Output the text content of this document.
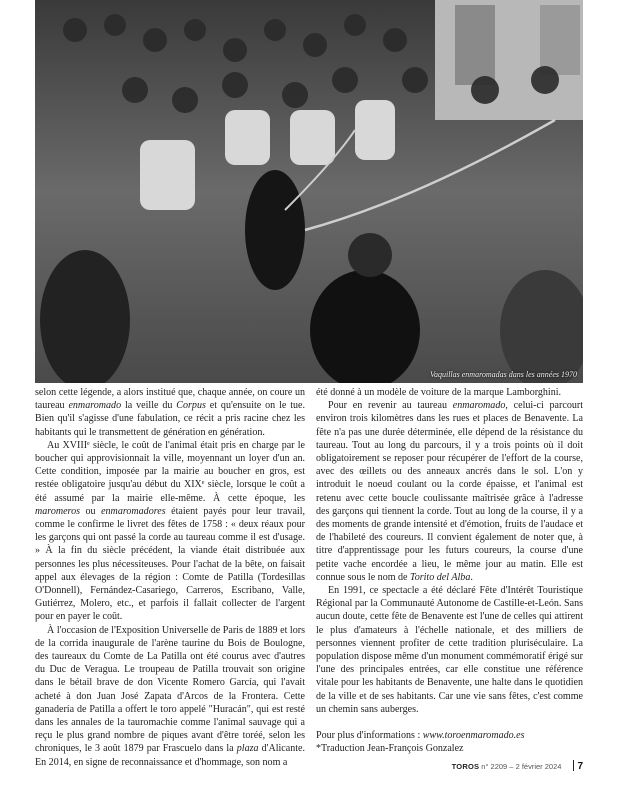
Vaquillas enmaromadas dans les années 1970

selon cette légende, a alors institué que, chaque année, on coure un taureau enmaromado la veille du Corpus et qu'ensuite on le tue. Bien qu'il s'agisse d'une fabulation, ce récit a pris racine chez les habitants qui le transmettent de génération en génération.

Au XVIIIe siècle, le coût de l'animal était pris en charge par le boucher qui approvisionnait la ville, moyennant un loyer d'un an. Cette condition, imposée par la mairie au boucher en gros, est restée obligatoire jusqu'au début du XIXe siècle, lorsque le coût a été assumé par la mairie elle-même. À cette époque, les maromeros ou enmaromadores étaient payés pour leur travail, comme le confirme le livret des fêtes de 1758 : « deux réaux pour les garçons qui ont passé la corde au taureau comme il est d'usage. » À la fin du siècle précédent, la viande était distribuée aux personnes les plus nécessiteuses. Pour l'achat de la bête, on faisait appel aux élevages de la région : Comte de Patilla (Tordesillas O'Donnell), Fernández-Casariego, Carreros, Escribano, Valle, Gutiérrez, Molero, etc., et parfois il fallait collecter de l'argent pour en payer le coût.

À l'occasion de l'Exposition Universelle de Paris de 1889 et lors de la corrida inaugurale de l'arène taurine du Bois de Boulogne, des taureaux du Comte de La Patilla ont été courus avec d'autres du Duc de Veragua. Le troupeau de Patilla trouvait son origine dans le bétail brave de don Vicente Romero García, qui l'avait acheté à don Juan José Zapata d'Arcos de la Frontera. Cette ganadería de Patilla a offert le toro appelé "Huracán", qui est resté dans les annales de la tauromachie comme l'animal sauvage qui a reçu le plus grand nombre de piques avant d'être toréé, selon les chroniques, le 3 août 1879 par Frascuelo dans la plaza d'Alicante. En 2014, en signe de reconnaissance et d'hommage, son nom a

été donné à un modèle de voiture de la marque Lamborghini.

Pour en revenir au taureau enmaromado, celui-ci parcourt environ trois kilomètres dans les rues et places de Benavente. La fête n'a pas une durée déterminée, elle dépend de la résistance du taureau. Tout au long du parcours, il y a trois points où il doit obligatoirement se reposer pour récupérer de l'effort de la course, avec des œillets ou des anneaux ancrés dans le sol. L'on y introduit le noeud coulant ou la corde épaisse, et l'animal est retenu avec cette boucle coulissante maîtrisée grâce à l'adresse des garçons qui tiennent la corde. Tout au long de la course, il y a des moments de grande intensité et d'émotion, fruits de l'audace et de l'habileté des coureurs. Il convient également de noter que, à titre d'apprentissage pour les futurs coureurs, la course d'une petite vache encordée a lieu, le même jour au matin. Elle est connue sous le nom de Torito del Alba.

En 1991, ce spectacle a été déclaré Fête d'Intérêt Touristique Régional par la Communauté Autonome de Castille-et-León. Sans aucun doute, cette fête de Benavente est l'une de celles qui attirent le plus d'amateurs à l'échelle nationale, et des milliers de personnes viennent profiter de cette tradition pluriséculaire. La population dispose même d'un monument commémoratif érigé sur l'une des principales entrées, car elle constitue une référence vitale pour les habitants de Benavente, une halte dans le quotidien de la ville et de ses habitants. Car une vie sans fêtes, c'est comme un chemin sans auberges.

Pour plus d'informations : www.toroenmaromado.es

*Traduction Jean-François Gonzalez

TOROS n° 2209 – 2 février 2024 7
